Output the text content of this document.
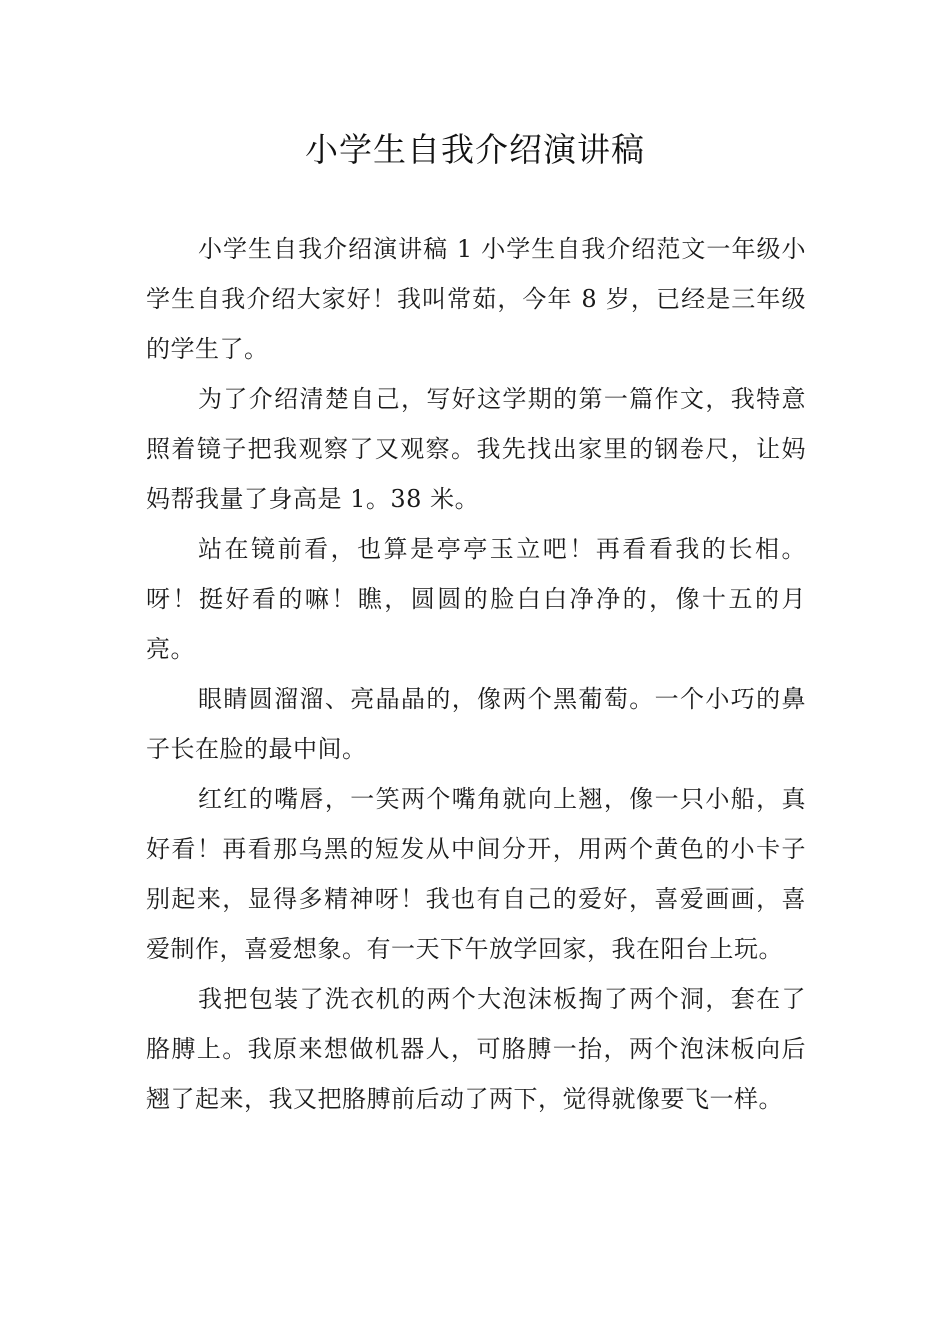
小学生自我介绍演讲稿

小学生自我介绍演讲稿 1 小学生自我介绍范文一年级小学生自我介绍大家好！我叫常茹，今年 8 岁，已经是三年级的学生了。

为了介绍清楚自己，写好这学期的第一篇作文，我特意照着镜子把我观察了又观察。我先找出家里的钢卷尺，让妈妈帮我量了身高是 1。38 米。

站在镜前看，也算是亭亭玉立吧！再看看我的长相。呀！挺好看的嘛！瞧，圆圆的脸白白净净的，像十五的月亮。

眼睛圆溜溜、亮晶晶的，像两个黑葡萄。一个小巧的鼻子长在脸的最中间。

红红的嘴唇，一笑两个嘴角就向上翘，像一只小船，真好看！再看那乌黑的短发从中间分开，用两个黄色的小卡子别起来，显得多精神呀！我也有自己的爱好，喜爱画画，喜爱制作，喜爱想象。有一天下午放学回家，我在阳台上玩。

我把包装了洗衣机的两个大泡沫板掏了两个洞，套在了胳膊上。我原来想做机器人，可胳膊一抬，两个泡沫板向后翘了起来，我又把胳膊前后动了两下，觉得就像要飞一样。
